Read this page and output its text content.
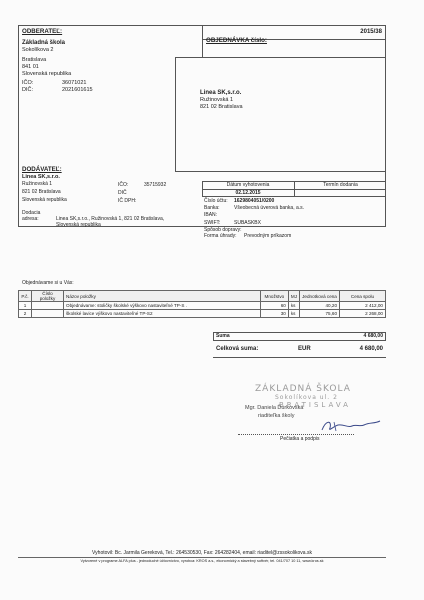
ODBERATEĽ:
Základná škola
Sokolíkova 2
Bratislava
841 01
Slovenská republika
IČO:	36071021
DIČ:	2021601615
OBJEDNÁVKA číslo:
2015/38
Linea SK,s.r.o.
Ružinovská 1
821 02 Bratislava
DODÁVATEĽ:
Linea SK,s.r.o.
Ružinovská 1
821 02 Bratislava
Slovenská republika
IČO:	35715932
DIČ
IČ DPH:
Dodacia adresa:	Linea SK,s.r.o., Ružinovská 1, 821 02 Bratislava,
Slovenská republika
Dátum vyhotovenia	Termín dodania
02.12.2015
Číslo účtu: 1629804051/0200
Banka:	Všeobecná úverová banka, a.s.
IBAN:
SWIFT:	SUBASKBX
Spôsob dopravy:
Forma úhrady: Prevodným príkazom
Objednávame si u Vás:
P.č.	Číslo položky	Názov položky	Množstvo	MJ	Jednotková cena	Cena spolu
1		Objednávame: stoličky školské výškovo nastaviteľné TP-S .	60	ks	40,20	2 412,00
2		školské lavice výškovo nastaviteľné TP-S2	30	ks	75,60	2 268,00
Suma	4 680,00
Celková suma:	EUR	4 680,00
ZÁKLADNÁ ŠKOLA
Sokolíkova ul. 2
BRATISLAVA
Mgr. Daniela Ďurkovská
riaditeľka školy
Pečiatka a podpis
Vyhotovil: Bc. Jarmila Gereková, Tel.: 264530530, Fax: 264282404, email: riaditel@zssokolikova.sk
Vytvorené v programe ALFA plus - jednoduché účtovníctvo, vyrobca: KROS a.s., ekonomický a stavebný softvér, tel. 041/707 10 11, www.kros.sk
